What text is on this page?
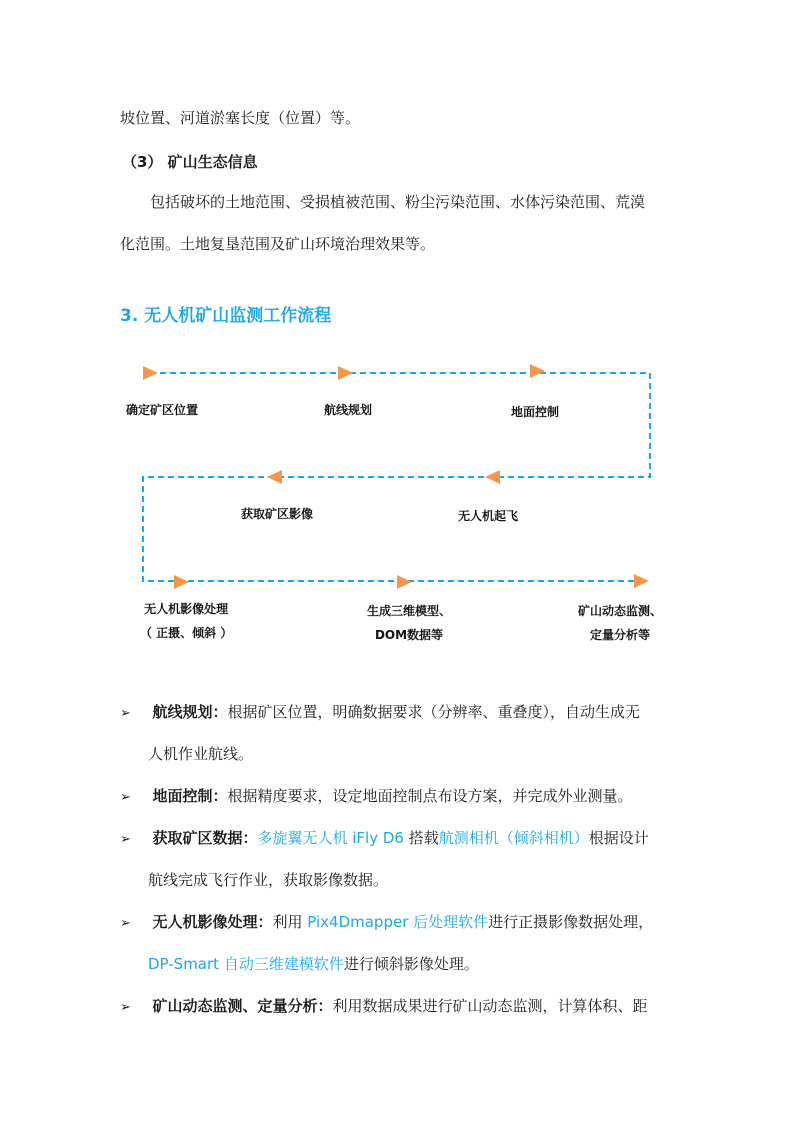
坡位置、河道淤塞长度（位置）等。
（3） 矿山生态信息
包括破坏的土地范围、受损植被范围、粉尘污染范围、水体污染范围、荒漠
化范围。土地复垦范围及矿山环境治理效果等。
3. 无人机矿山监测工作流程
确定矿区位置	航线规划	地面控制
无人机起飞
获取矿区影像
无人机影像处理
（ 正摄、倾斜 ）
生成三维模型、
DOM数据等
矿山动态监测、
定量分析等
➢ 航线规划：根据矿区位置，明确数据要求（分辨率、重叠度），自动生成无
人机作业航线。
➢ 地面控制：根据精度要求，设定地面控制点布设方案，并完成外业测量。
➢ 获取矿区数据：多旋翼无人机 iFly D6 搭载航测相机（倾斜相机）根据设计
航线完成飞行作业，获取影像数据。
➢ 无人机影像处理：利用 Pix4Dmapper 后处理软件进行正摄影像数据处理，
DP-Smart 自动三维建模软件进行倾斜影像处理。
➢ 矿山动态监测、定量分析：利用数据成果进行矿山动态监测，计算体积、距
